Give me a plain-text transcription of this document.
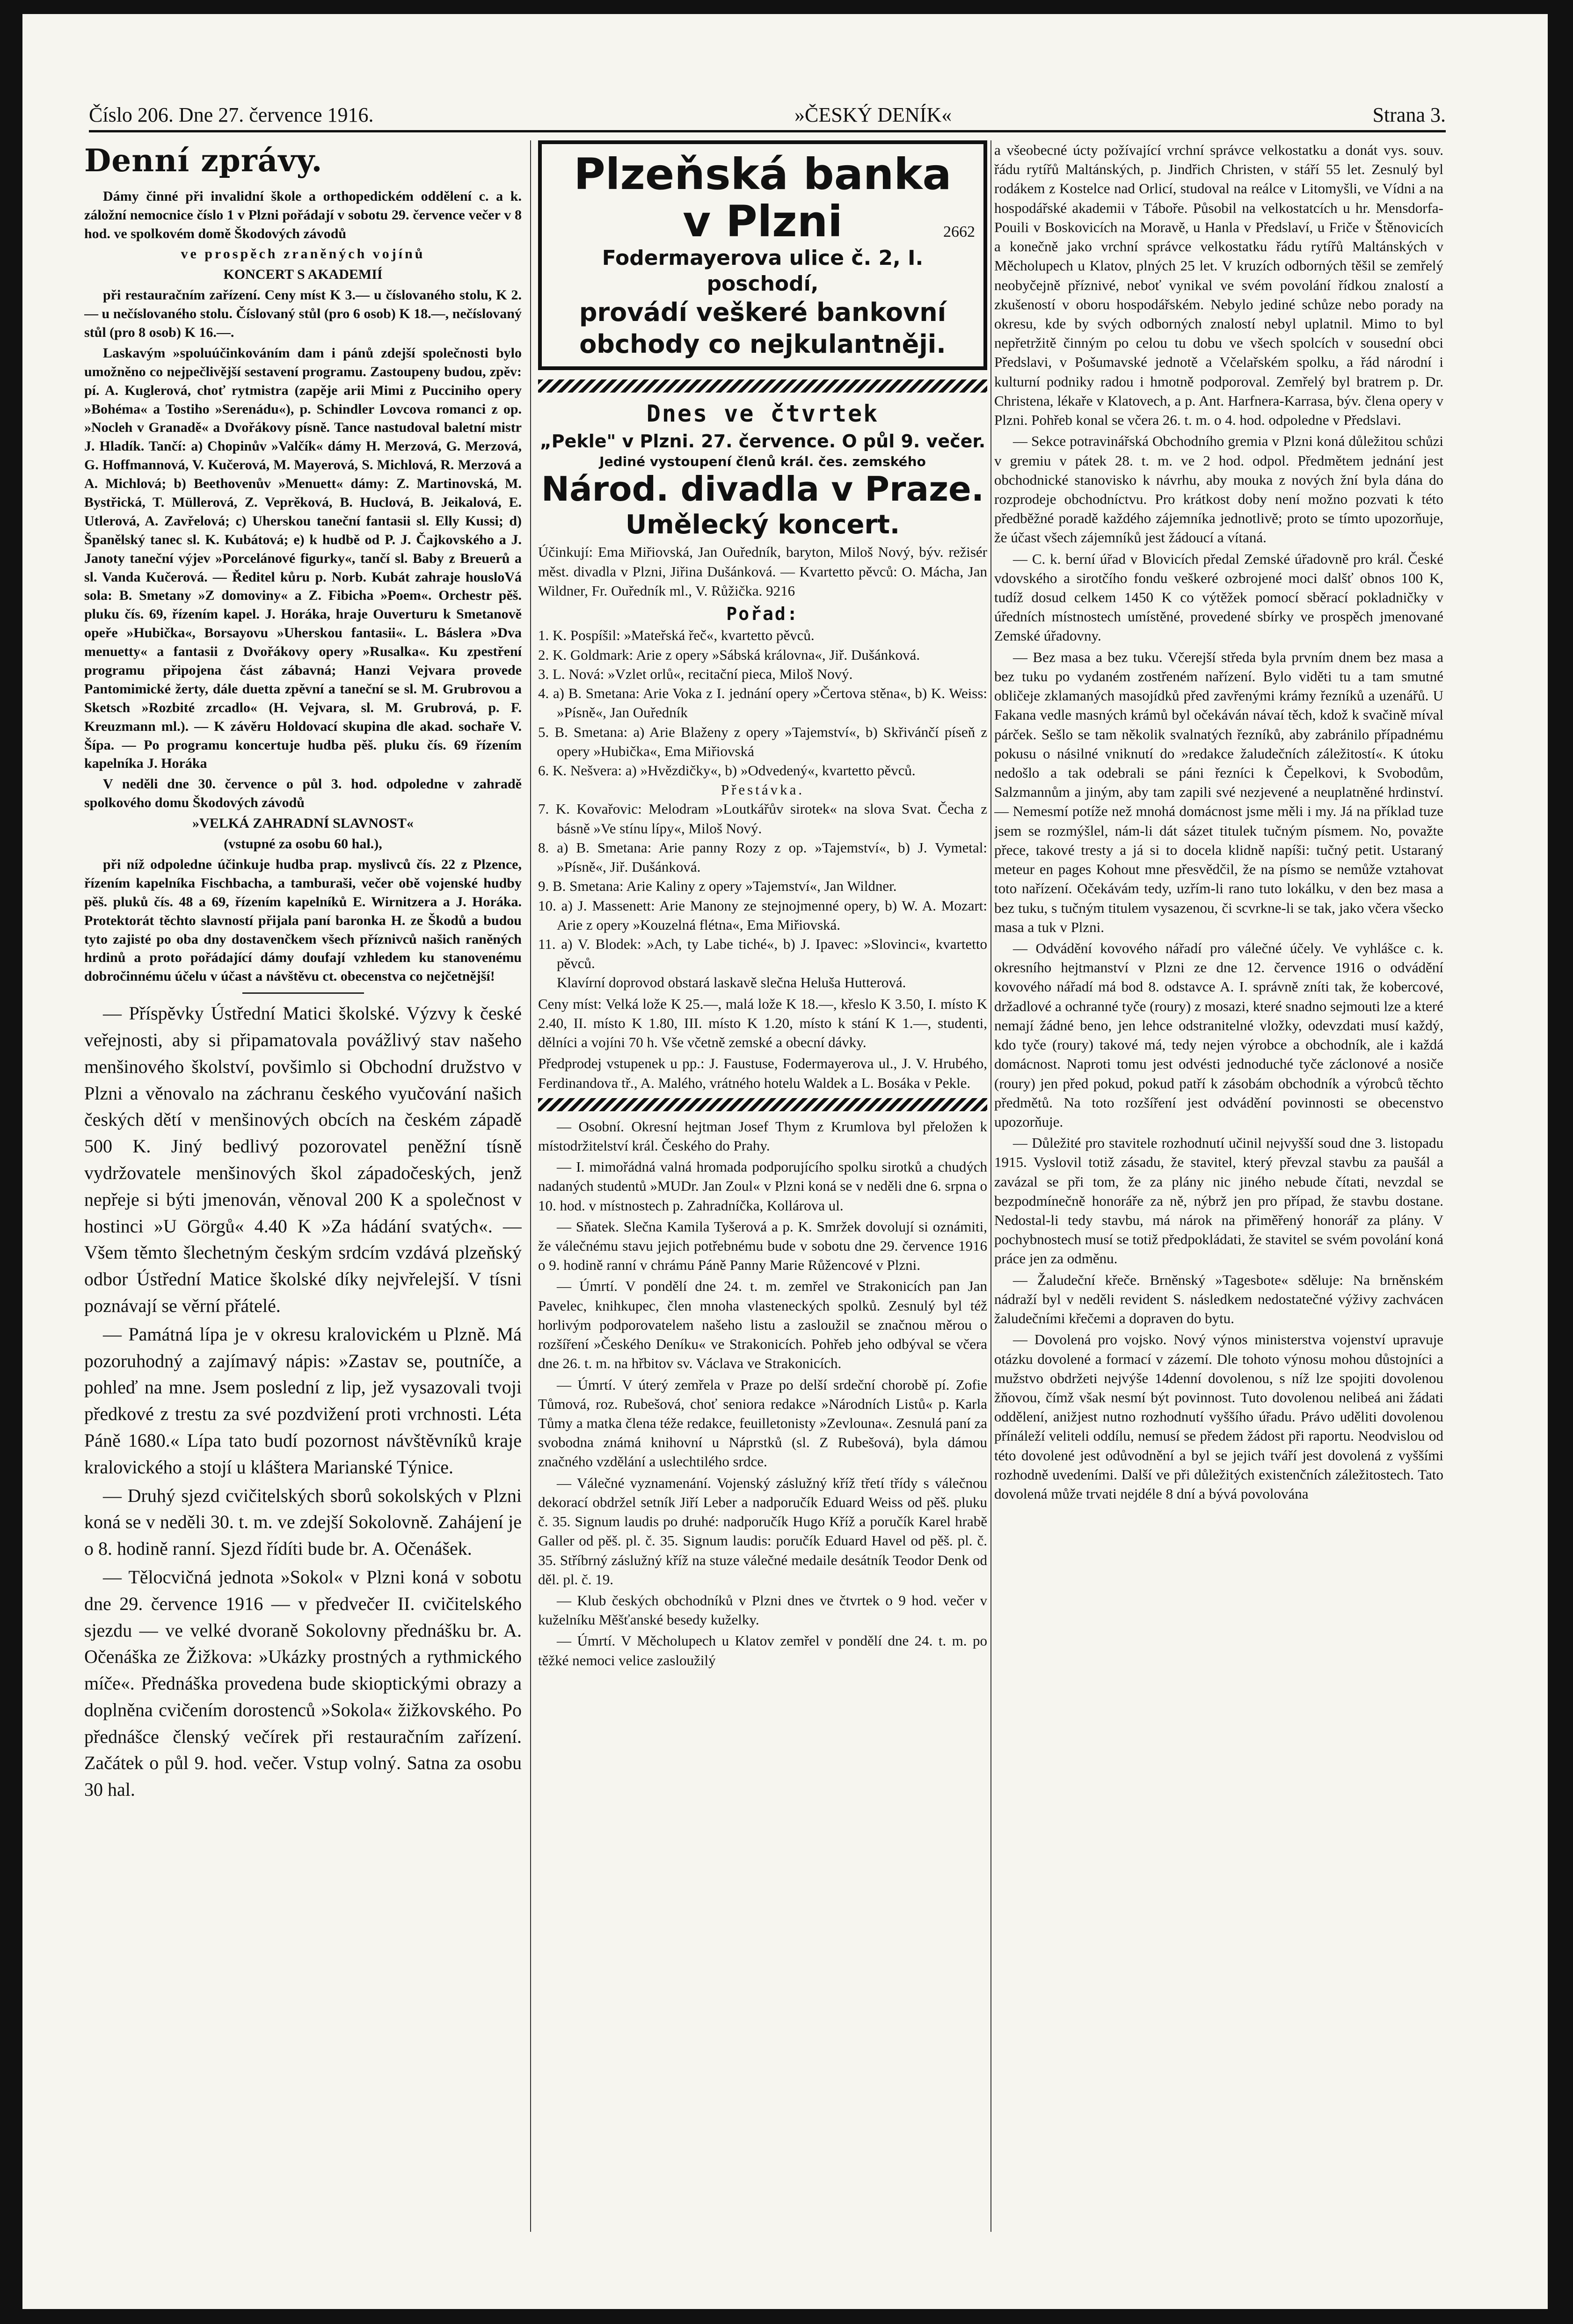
Číslo 206. Dne 27. července 1916.	»ČESKÝ DENÍK«	Strana 3.
Denní zprávy.

Dámy činné při invalidní škole a orthopedickém oddělení c. a k. záložní nemocnice číslo 1 v Plzni pořádají v sobotu 29. července večer v 8 hod. ve spolkovém domě Škodových závodů

ve prospěch zraněných vojínů

KONCERT S AKADEMIÍ

při restauračním zařízení. Ceny míst K 3.— u číslovaného stolu, K 2.— u nečíslovaného stolu. Číslovaný stůl (pro 6 osob) K 18.—, nečíslovaný stůl (pro 8 osob) K 16.—.

Laskavým »spoluúčinkováním dam i pánů zdejší společnosti bylo umožněno co nejpečlivější sestavení programu. Zastoupeny budou, zpěv: pí. A. Kuglerová, choť rytmistra (zapěje arii Mimi z Pucciniho opery »Bohéma« a Tostiho »Serenádu«), p. Schindler Lovcova romanci z op. »Nocleh v Granadě« a Dvořákovy písně. Tance nastudoval baletní mistr J. Hladík. Tančí: a) Chopinův »Valčík« dámy H. Merzová, G. Merzová, G. Hoffmannová, V. Kučerová, M. Mayerová, S. Michlová, R. Merzová a A. Michlová; b) Beethovenův »Menuett« dámy: Z. Martinovská, M. Bystřická, T. Müllerová, Z. Veprěková, B. Huclová, B. Jeikalová, E. Utlerová, A. Zavřelová; c) Uherskou taneční fantasii sl. Elly Kussi; d) Španělský tanec sl. K. Kubátová; e) k hudbě od P. J. Čajkovského a J. Janoty taneční výjev »Porcelánové figurky«, tančí sl. Baby z Breuerů a sl. Vanda Kučerová. — Ředitel kůru p. Norb. Kubát zahraje housloVá sola: B. Smetany »Z domoviny« a Z. Fibicha »Poem«. Orchestr pěš. pluku čís. 69, řízením kapel. J. Horáka, hraje Ouverturu k Smetanově opeře »Hubička«, Borsayovu »Uherskou fantasii«. L. Báslera »Dva menuetty« a fantasii z Dvořákovy opery »Rusalka«. Ku zpestření programu připojena část zábavná; Hanzi Vejvara provede Pantomimické žerty, dále duetta zpěvní a taneční se sl. M. Grubrovou a Sketsch »Rozbité zrcadlo« (H. Vejvara, sl. M. Grubrová, p. F. Kreuzmann ml.). — K závěru Holdovací skupina dle akad. sochaře V. Šípa. — Po programu koncertuje hudba pěš. pluku čís. 69 řízením kapelníka J. Horáka

V neděli dne 30. července o půl 3. hod. odpoledne v zahradě spolkového domu Škodových závodů

»VELKÁ ZAHRADNÍ SLAVNOST«

(vstupné za osobu 60 hal.),

při níž odpoledne účinkuje hudba prap. myslivců čís. 22 z Plzence, řízením kapelníka Fischbacha, a tamburaši, večer obě vojenské hudby pěš. pluků čís. 48 a 69, řízením kapelníků E. Wirnitzera a J. Horáka. Protektorát těchto slavností přijala paní baronka H. ze Škodů a budou tyto zajisté po oba dny dostavenčkem všech příznivců našich raněných hrdinů a proto pořádající dámy doufají vzhledem ku stanovenému dobročinnému účelu v účast a návštěvu ct. obecenstva co nejčetnější!

— Příspěvky Ústřední Matici školské. Výzvy k české veřejnosti, aby si připamatovala povážlivý stav našeho menšinového školství, povšimlo si Obchodní družstvo v Plzni a věnovalo na záchranu českého vyučování našich českých dětí v menšinových obcích na českém západě 500 K. Jiný bedlivý pozorovatel peněžní tísně vydržovatele menšinových škol západočeských, jenž nepřeje si býti jmenován, věnoval 200 K a společnost v hostinci »U Görgů« 4.40 K »Za hádání svatých«. — Všem těmto šlechetným českým srdcím vzdává plzeňský odbor Ústřední Matice školské díky nejvřelejší. V tísni poznávají se věrní přátelé.

— Památná lípa je v okresu kralovickém u Plzně. Má pozoruhodný a zajímavý nápis: »Zastav se, poutníče, a pohleď na mne. Jsem poslední z lip, jež vysazovali tvoji předkové z trestu za své pozdvižení proti vrchnosti. Léta Páně 1680.« Lípa tato budí pozornost návštěvníků kraje kralovického a stojí u kláštera Marianské Týnice.

— Druhý sjezd cvičitelských sborů sokolských v Plzni koná se v neděli 30. t. m. ve zdejší Sokolovně. Zahájení je o 8. hodině ranní. Sjezd řídíti bude br. A. Očenášek.

— Tělocvičná jednota »Sokol« v Plzni koná v sobotu dne 29. července 1916 — v předvečer II. cvičitelského sjezdu — ve velké dvoraně Sokolovny přednášku br. A. Očenáška ze Žižkova: »Ukázky prostných a rythmického míče«. Přednáška provedena bude skioptickými obrazy a doplněna cvičením dorostenců »Sokola« žižkovského. Po přednášce členský večírek při restauračním zařízení. Začátek o půl 9. hod. večer. Vstup volný. Satna za osobu 30 hal.

Plzeňská banka
v Plzni	2662
Fodermayerova ulice č. 2, I. poschodí,
provádí veškeré bankovní
obchody co nejkulantněji.
Dnes ve čtvrtek
„Pekle" v Plzni. 27. července. O půl 9. večer.
Jediné vystoupení členů král. čes. zemského
Národ. divadla v Praze.
Umělecký koncert.

Účinkují: Ema Miřiovská, Jan Ouředník, baryton, Miloš Nový, býv. režisér měst. divadla v Plzni, Jiřina Dušánková. — Kvartetto pěvců: O. Mácha, Jan Wildner, Fr. Ouředník ml., V. Růžička. 9216

Pořad:

1. K. Pospíšil: »Mateřská řeč«, kvartetto pěvců.

2. K. Goldmark: Arie z opery »Sábská královna«, Jiř. Dušánková.

3. L. Nová: »Vzlet orlů«, recitační pieca, Miloš Nový.

4. a) B. Smetana: Arie Voka z I. jednání opery »Čertova stěna«, b) K. Weiss: »Písně«, Jan Ouředník

5. B. Smetana: a) Arie Blaženy z opery »Tajemství«, b) Skřivánčí píseň z opery »Hubička«, Ema Miřiovská

6. K. Nešvera: a) »Hvězdičky«, b) »Odvedený«, kvartetto pěvců.

Přestávka.

7. K. Kovařovic: Melodram »Loutkářův sirotek« na slova Svat. Čecha z básně »Ve stínu lípy«, Miloš Nový.

8. a) B. Smetana: Arie panny Rozy z op. »Tajemství«, b) J. Vymetal: »Písně«, Jiř. Dušánková.

9. B. Smetana: Arie Kaliny z opery »Tajemství«, Jan Wildner.

10. a) J. Massenett: Arie Manony ze stejnojmenné opery, b) W. A. Mozart: Arie z opery »Kouzelná flétna«, Ema Miřiovská.

11. a) V. Blodek: »Ach, ty Labe tiché«, b) J. Ipavec: »Slovinci«, kvartetto pěvců.

Klavírní doprovod obstará laskavě slečna Heluša Hutterová.

Ceny míst: Velká lože K 25.—, malá lože K 18.—, křeslo K 3.50, I. místo K 2.40, II. místo K 1.80, III. místo K 1.20, místo k stání K 1.—, studenti, dělníci a vojíni 70 h. Vše včetně zemské a obecní dávky.

Předprodej vstupenek u pp.: J. Faustuse, Fodermayerova ul., J. V. Hrubého, Ferdinandova tř., A. Malého, vrátného hotelu Waldek a L. Bosáka v Pekle.

— Osobní. Okresní hejtman Josef Thym z Krumlova byl přeložen k místodržitelství král. Českého do Prahy.

— I. mimořádná valná hromada podporujícího spolku sirotků a chudých nadaných studentů »MUDr. Jan Zoul« v Plzni koná se v neděli dne 6. srpna o 10. hod. v místnostech p. Zahradníčka, Kollárova ul.

— Sňatek. Slečna Kamila Tyšerová a p. K. Smržek dovolují si oznámiti, že válečnému stavu jejich potřebnému bude v sobotu dne 29. července 1916 o 9. hodině ranní v chrámu Páně Panny Marie Růžencové v Plzni.

— Úmrtí. V pondělí dne 24. t. m. zemřel ve Strakonicích pan Jan Pavelec, knihkupec, člen mnoha vlasteneckých spolků. Zesnulý byl též horlivým podporovatelem našeho listu a zasloužil se značnou měrou o rozšíření »Českého Deníku« ve Strakonicích. Pohřeb jeho odbýval se včera dne 26. t. m. na hřbitov sv. Václava ve Strakonicích.

— Úmrtí. V úterý zemřela v Praze po delší srdeční chorobě pí. Zofie Tůmová, roz. Rubešová, choť seniora redakce »Národních Listů« p. Karla Tůmy a matka člena téže redakce, feuilletonisty »Zevlouna«. Zesnulá paní za svobodna známá knihovní u Náprstků (sl. Z Rubešová), byla dámou značného vzdělání a uslechtilého srdce.

— Válečné vyznamenání. Vojenský záslužný kříž třetí třídy s válečnou dekorací obdržel setník Jiří Leber a nadporučík Eduard Weiss od pěš. pluku č. 35. Signum laudis po druhé: nadporučík Hugo Kříž a poručík Karel hrabě Galler od pěš. pl. č. 35. Signum laudis: poručík Eduard Havel od pěš. pl. č. 35. Stříbrný záslužný kříž na stuze válečné medaile desátník Teodor Denk od děl. pl. č. 19.

— Klub českých obchodníků v Plzni dnes ve čtvrtek o 9 hod. večer v kuželníku Měšťanské besedy kuželky.

— Úmrtí. V Měcholupech u Klatov zemřel v pondělí dne 24. t. m. po těžké nemoci velice zasloužilý

a všeobecné úcty požívající vrchní správce velkostatku a donát vys. souv. řádu rytířů Maltánských, p. Jindřich Christen, v stáří 55 let. Zesnulý byl rodákem z Kostelce nad Orlicí, studoval na reálce v Litomyšli, ve Vídni a na hospodářské akademii v Táboře. Působil na velkostatcích u hr. Mensdorfa-Pouili v Boskovicích na Moravě, u Hanla v Předslaví, u Friče v Štěnovicích a konečně jako vrchní správce velkostatku řádu rytířů Maltánských v Měcholupech u Klatov, plných 25 let. V kruzích odborných těšil se zemřelý neobyčejně příznivé, neboť vynikal ve svém povolání řídkou znalostí a zkušeností v oboru hospodářském. Nebylo jediné schůze nebo porady na okresu, kde by svých odborných znalostí nebyl uplatnil. Mimo to byl nepřetržitě činným po celou tu dobu ve všech spolcích v sousední obci Předslavi, v Pošumavské jednotě a Včelařském spolku, a řád národní i kulturní podniky radou i hmotně podporoval. Zemřelý byl bratrem p. Dr. Christena, lékaře v Klatovech, a p. Ant. Harfnera-Karrasa, býv. člena opery v Plzni. Pohřeb konal se včera 26. t. m. o 4. hod. odpoledne v Předslavi.

— Sekce potravinářská Obchodního gremia v Plzni koná důležitou schůzi v gremiu v pátek 28. t. m. ve 2 hod. odpol. Předmětem jednání jest obchodnické stanovisko k návrhu, aby mouka z nových žní byla dána do rozprodeje obchodníctvu. Pro krátkost doby není možno pozvati k této předběžné poradě každého zájemníka jednotlivě; proto se tímto upozorňuje, že účast všech zájemníků jest žádoucí a vítaná.

— C. k. berní úřad v Blovicích předal Zemské úřadovně pro král. České vdovského a sirotčího fondu veškeré ozbrojené moci dalšť obnos 100 K, tudíž dosud celkem 1450 K co výtěžek pomocí sběrací pokladničky v úředních místnostech umístěné, provedené sbírky ve prospěch jmenované Zemské úřadovny.

— Bez masa a bez tuku. Včerejší středa byla prvním dnem bez masa a bez tuku po vydaném zostřeném nařízení. Bylo viděti tu a tam smutné obličeje zklamaných masojídků před zavřenými krámy řezníků a uzenářů. U Fakana vedle masných krámů byl očekáván návaí těch, kdož k svačině míval párček. Sešlo se tam několik svalnatých řezníků, aby zabránilo případnému pokusu o násilné vniknutí do »redakce žaludečních záležitostí«. K útoku nedošlo a tak odebrali se páni řezníci k Čepelkovi, k Svobodům, Salzmannům a jiným, aby tam zapili své nezjevené a neuplatněné hrdinství. — Nemesmí potíže než mnohá domácnost jsme měli i my. Já na příklad tuze jsem se rozmýšlel, nám-li dát sázet titulek tučným písmem. No, považte přece, takové tresty a já si to docela klidně napíši: tučný petit. Ustaraný meteur en pages Kohout mne přesvědčil, že na písmo se nemůže vztahovat toto nařízení. Očekávám tedy, uzřím-li rano tuto lokálku, v den bez masa a bez tuku, s tučným titulem vysazenou, či scvrkne-li se tak, jako včera všecko masa a tuk v Plzni.

— Odvádění kovového nářadí pro válečné účely. Ve vyhlášce c. k. okresního hejtmanství v Plzni ze dne 12. července 1916 o odvádění kovového nářadí má bod 8. odstavce A. I. správně zníti tak, že kobercové, držadlové a ochranné tyče (roury) z mosazi, které snadno sejmouti lze a které nemají žádné beno, jen lehce odstranitelné vložky, odevzdati musí každý, kdo tyče (roury) takové má, tedy nejen výrobce a obchodník, ale i každá domácnost. Naproti tomu jest odvésti jednoduché tyče záclonové a nosiče (roury) jen před pokud, pokud patří k zásobám obchodník a výrobců těchto předmětů. Na toto rozšíření jest odvádění povinnosti se obecenstvo upozorňuje.

— Důležité pro stavitele rozhodnutí učinil nejvyšší soud dne 3. listopadu 1915. Vyslovil totiž zásadu, že stavitel, který převzal stavbu za paušál a zavázal se při tom, že za plány nic jiného nebude čítati, nevzdal se bezpodmínečně honoráře za ně, nýbrž jen pro případ, že stavbu dostane. Nedostal-li tedy stavbu, má nárok na přiměřený honorář za plány. V pochybnostech musí se totiž předpokládati, že stavitel se svém povolání koná práce jen za odměnu.

— Žaludeční křeče. Brněnský »Tagesbote« sděluje: Na brněnském nádraží byl v neděli revident S. následkem nedostatečné výživy zachvácen žaludečními křečemi a dopraven do bytu.

— Dovolená pro vojsko. Nový výnos ministerstva vojenství upravuje otázku dovolené a formací v zázemí. Dle tohoto výnosu mohou důstojníci a mužstvo obdržeti nejvýše 14denní dovolenou, s níž lze spojiti dovolenou žňovou, čímž však nesmí být povinnost. Tuto dovolenou nelibeá ani žádati oddělení, anižjest nutno rozhodnutí vyššího úřadu. Právo uděliti dovolenou přínáleží veliteli oddílu, nemusí se předem žádost při raportu. Neodvislou od této dovolené jest odůvodnění a byl se jejich tváří jest dovolená z vyššími rozhodně uvedeními. Další ve při důležitých existenčních záležitostech. Tato dovolená může trvati nejdéle 8 dní a bývá povolována
